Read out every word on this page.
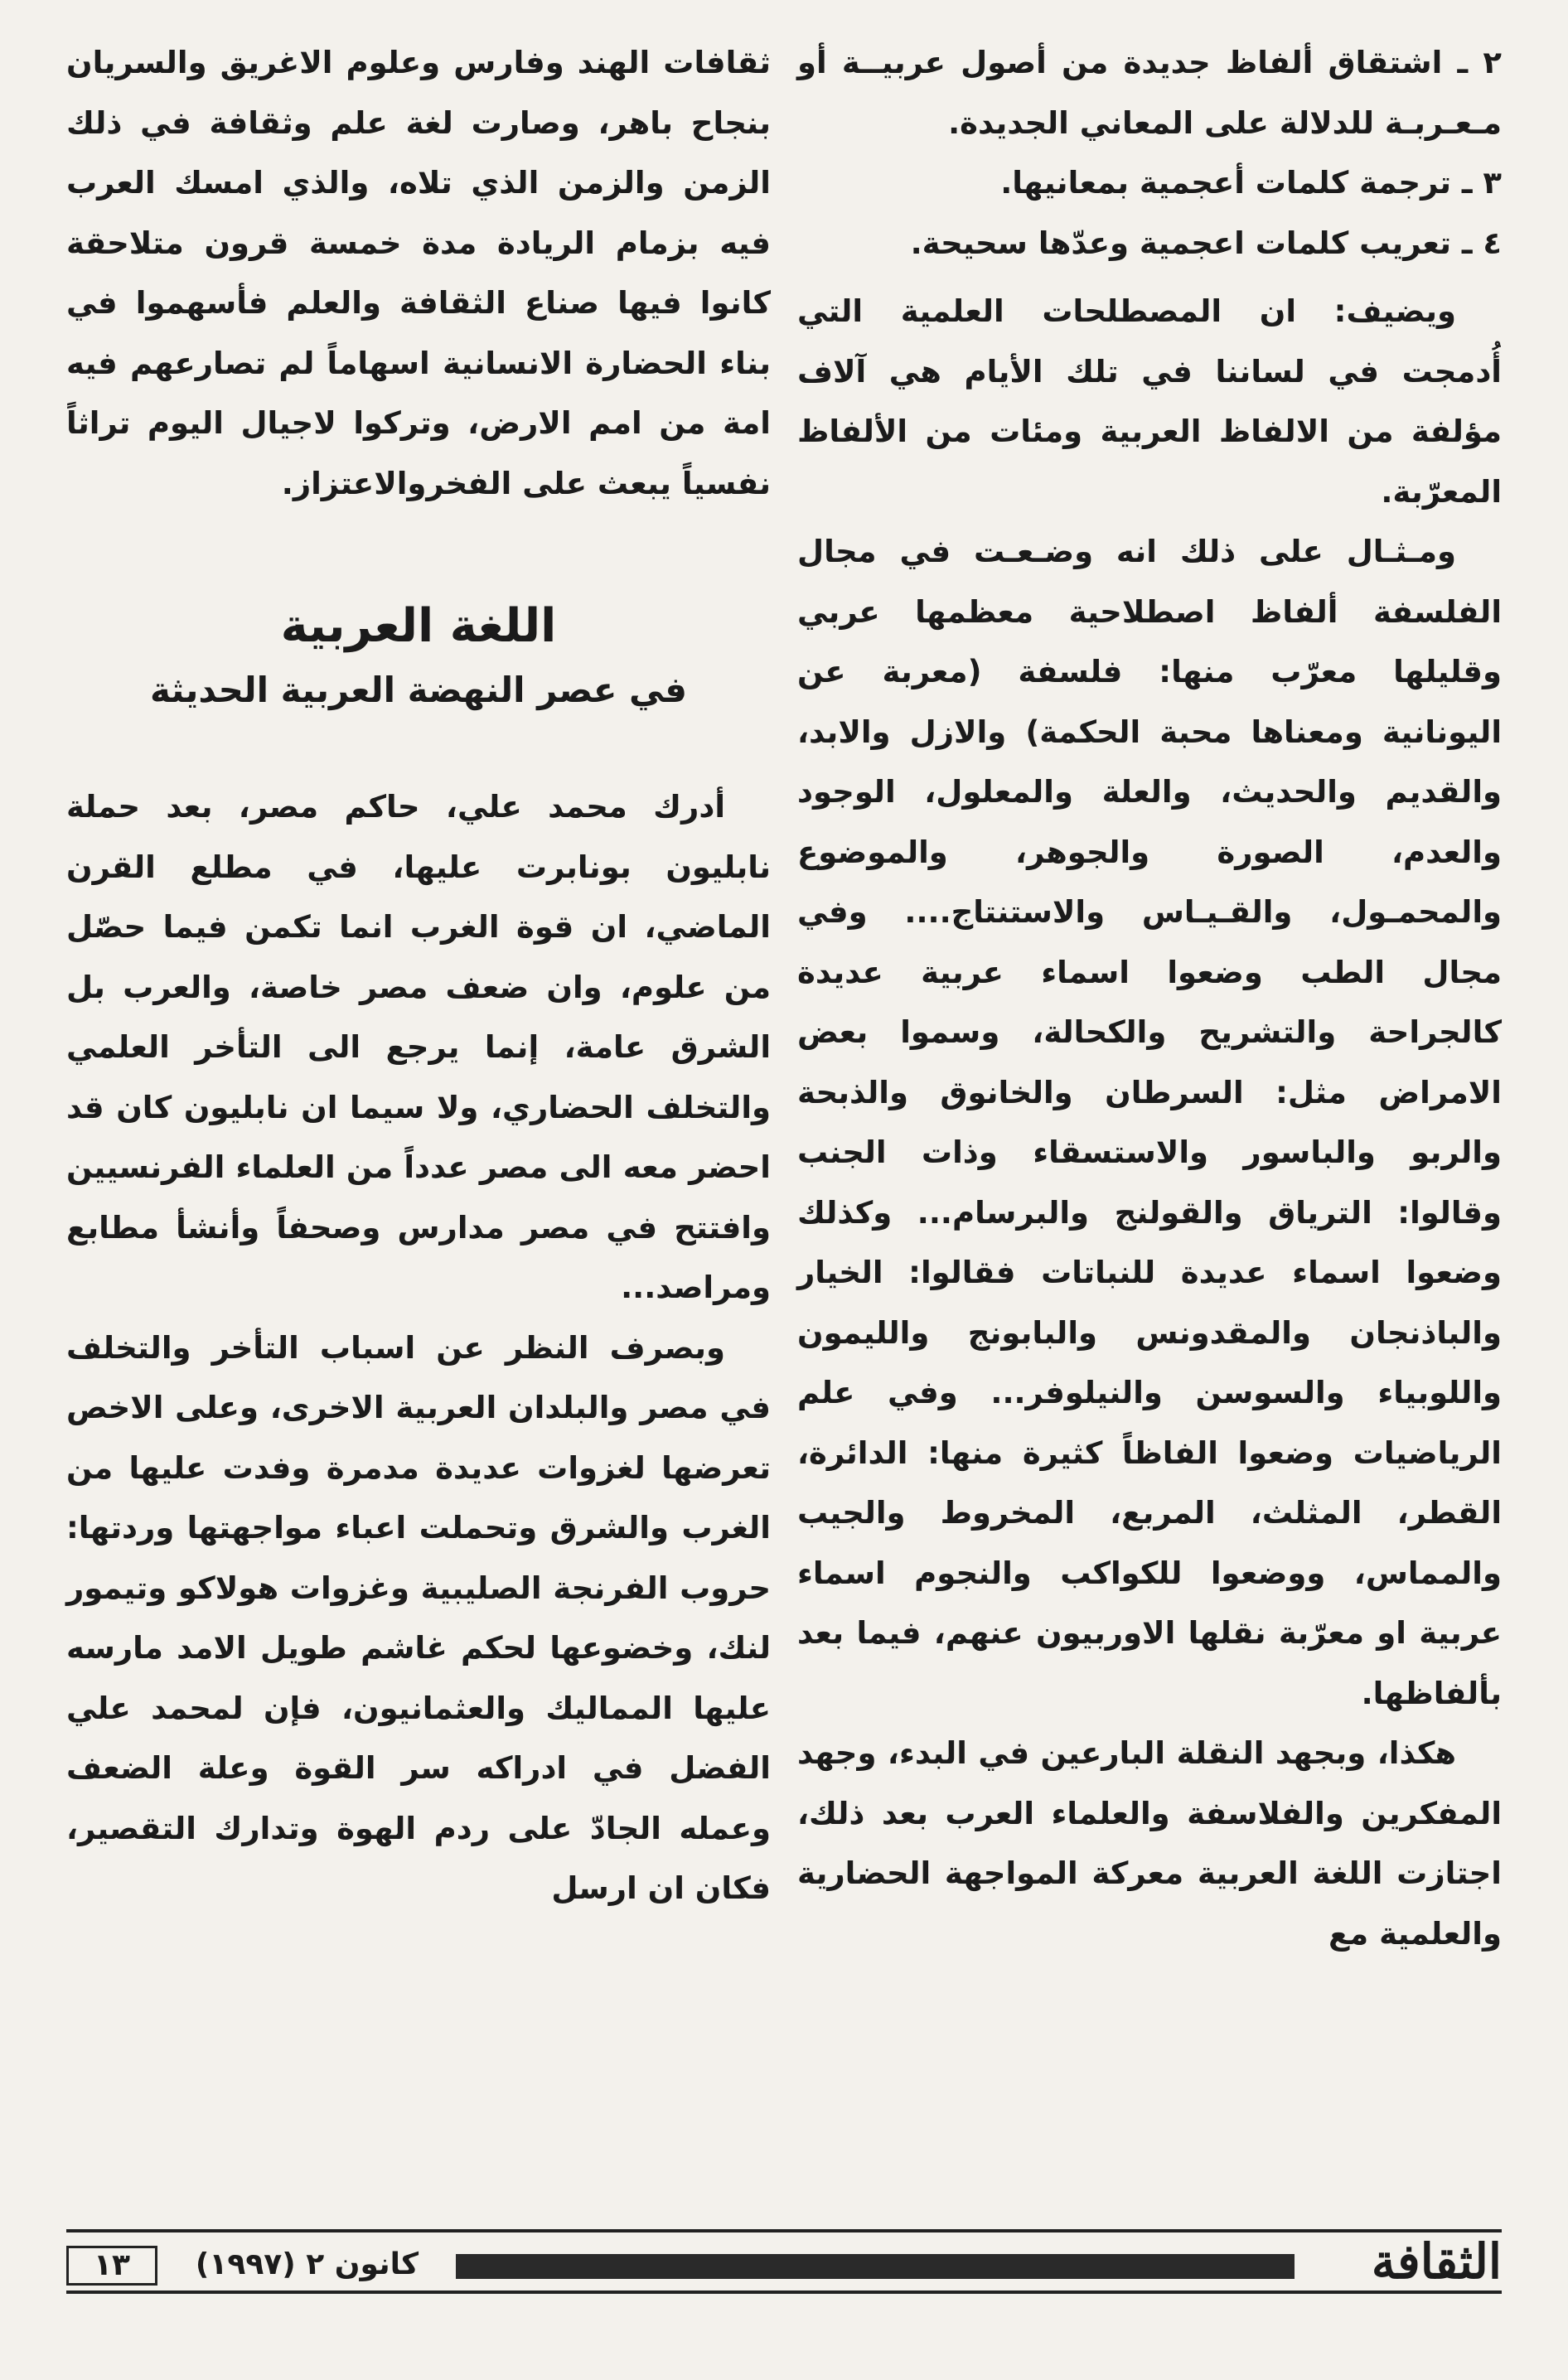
٢ ـ اشتقاق ألفاظ جديدة من أصول عربيــة أو مـعـربـة للدلالة على المعاني الجديدة.

٣ ـ ترجمة كلمات أعجمية بمعانيها.

٤ ـ تعريب كلمات اعجمية وعدّها سحيحة.

ويضيف: ان المصطلحات العلمية التي أُدمجت في لساننا في تلك الأيام هي آلاف مؤلفة من الالفاظ العربية ومئات من الألفاظ المعرّبة.

ومـثـال على ذلك انه وضـعـت في مجال الفلسفة ألفاظ اصطلاحية معظمها عربي وقليلها معرّب منها: فلسفة (معربة عن اليونانية ومعناها محبة الحكمة) والازل والابد، والقديم والحديث، والعلة والمعلول، الوجود والعدم، الصورة والجوهر، والموضوع والمحمـول، والقـيـاس والاستنتاج.... وفي مجال الطب وضعوا اسماء عربية عديدة كالجراحة والتشريح والكحالة، وسموا بعض الامراض مثل: السرطان والخانوق والذبحة والربو والباسور والاستسقاء وذات الجنب وقالوا: الترياق والقولنج والبرسام... وكذلك وضعوا اسماء عديدة للنباتات فقالوا: الخيار والباذنجان والمقدونس والبابونج والليمون واللوبياء والسوسن والنيلوفر... وفي علم الرياضيات وضعوا الفاظاً كثيرة منها: الدائرة، القطر، المثلث، المربع، المخروط والجيب والمماس، ووضعوا للكواكب والنجوم اسماء عربية او معرّبة نقلها الاوربيون عنهم، فيما بعد بألفاظها.

هكذا، وبجهد النقلة البارعين في البدء، وجهد المفكرين والفلاسفة والعلماء العرب بعد ذلك، اجتازت اللغة العربية معركة المواجهة الحضارية والعلمية مع

ثقافات الهند وفارس وعلوم الاغريق والسريان بنجاح باهر، وصارت لغة علم وثقافة في ذلك الزمن والزمن الذي تلاه، والذي امسك العرب فيه بزمام الريادة مدة خمسة قرون متلاحقة كانوا فيها صناع الثقافة والعلم فأسهموا في بناء الحضارة الانسانية اسهاماً لم تصارعهم فيه امة من امم الارض، وتركوا لاجيال اليوم تراثاً نفسياً يبعث على الفخروالاعتزاز.

اللغة العربية
في عصر النهضة العربية الحديثة

أدرك محمد علي، حاكم مصر، بعد حملة نابليون بونابرت عليها، في مطلع القرن الماضي، ان قوة الغرب انما تكمن فيما حصّل من علوم، وان ضعف مصر خاصة، والعرب بل الشرق عامة، إنما يرجع الى التأخر العلمي والتخلف الحضاري، ولا سيما ان نابليون كان قد احضر معه الى مصر عدداً من العلماء الفرنسيين وافتتح في مصر مدارس وصحفاً وأنشأ مطابع ومراصد...

وبصرف النظر عن اسباب التأخر والتخلف في مصر والبلدان العربية الاخرى، وعلى الاخص تعرضها لغزوات عديدة مدمرة وفدت عليها من الغرب والشرق وتحملت اعباء مواجهتها وردتها: حروب الفرنجة الصليبية وغزوات هولاكو وتيمور لنك، وخضوعها لحكم غاشم طويل الامد مارسه عليها المماليك والعثمانيون، فإن لمحمد علي الفضل في ادراكه سر القوة وعلة الضعف وعمله الجادّ على ردم الهوة وتدارك التقصير، فكان ان ارسل

١٣	كانون ٢ (١٩٩٧)	الثقافة
